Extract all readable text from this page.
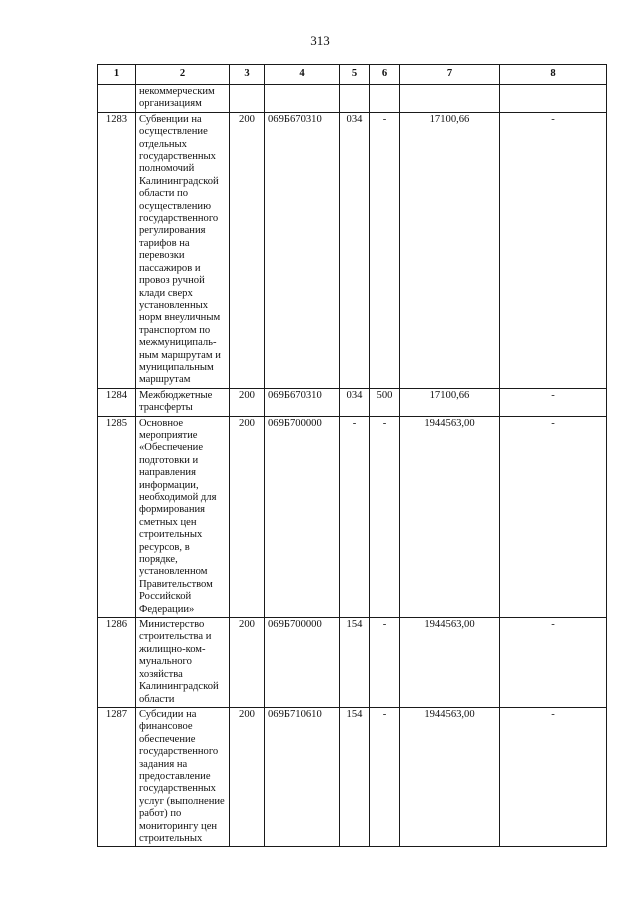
313
1	2	3	4	5	6	7	8
	некоммерческим организациям						
1283	Субвенции на осуществление отдельных государственных полномочий Калининградской области по осуществлению государственного регулирования тарифов на перевозки пассажиров и провоз ручной клади сверх установленных норм внеуличным транспортом по межмуниципаль-ным маршрутам и муниципальным маршрутам	200	069Б670310	034	-	17100,66	-
1284	Межбюджетные трансферты	200	069Б670310	034	500	17100,66	-
1285	Основное мероприятие «Обеспечение подготовки и направления информации, необходимой для формирования сметных цен строительных ресурсов, в порядке, установленном Правительством Российской Федерации»	200	069Б700000	-	-	1944563,00	-
1286	Министерство строительства и жилищно-ком-мунального хозяйства Калининградской области	200	069Б700000	154	-	1944563,00	-
1287	Субсидии на финансовое обеспечение государственного задания на предоставление государственных услуг (выполнение работ) по мониторингу цен строительных	200	069Б710610	154	-	1944563,00	-
